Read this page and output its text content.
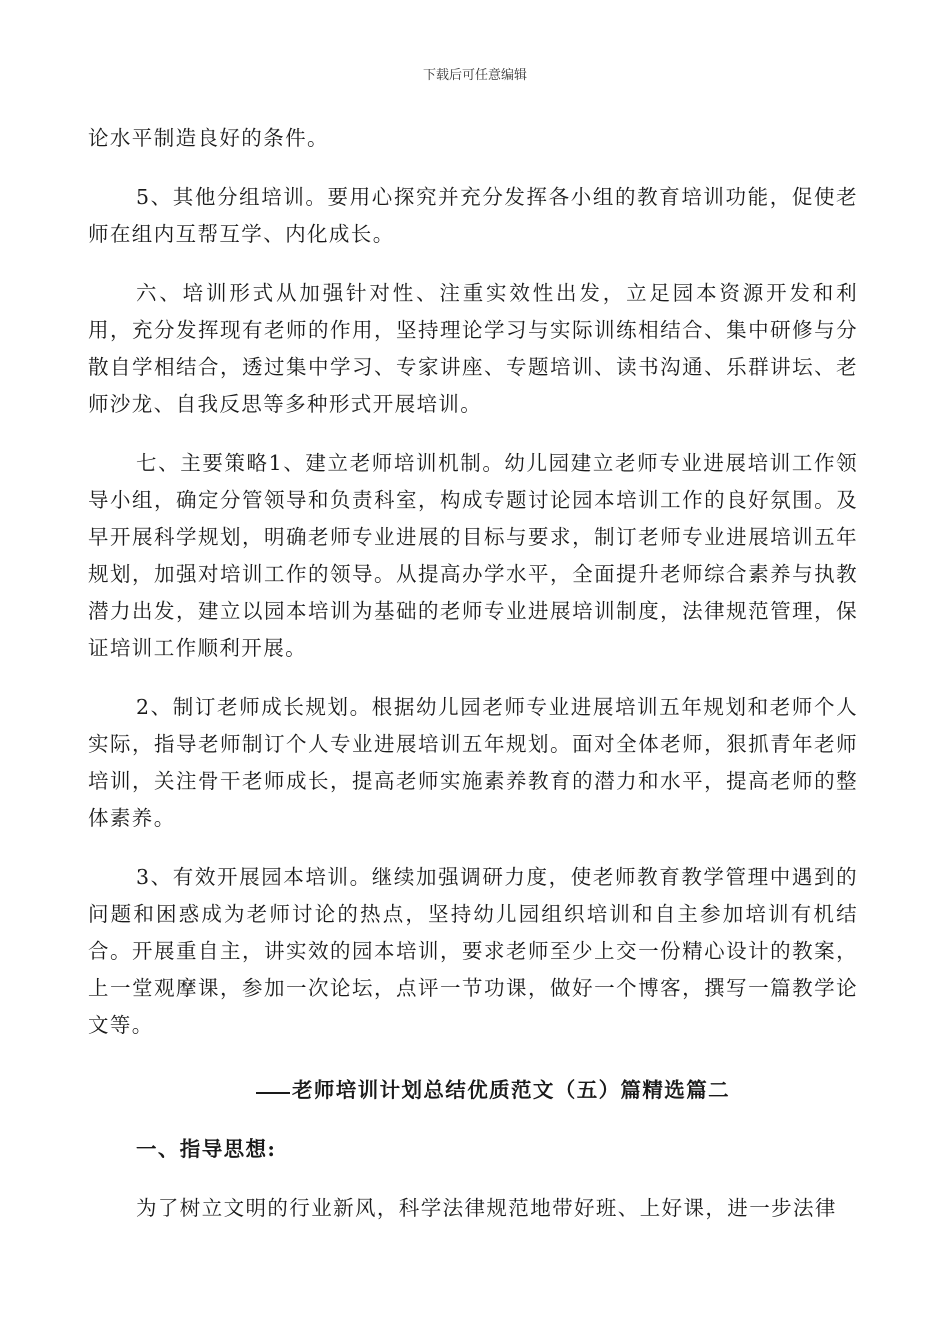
下载后可任意编辑

论水平制造良好的条件。

5、其他分组培训。要用心探究并充分发挥各小组的教育培训功能，促使老师在组内互帮互学、内化成长。

六、培训形式从加强针对性、注重实效性出发，立足园本资源开发和利用，充分发挥现有老师的作用，坚持理论学习与实际训练相结合、集中研修与分散自学相结合，透过集中学习、专家讲座、专题培训、读书沟通、乐群讲坛、老师沙龙、自我反思等多种形式开展培训。

七、主要策略1、建立老师培训机制。幼儿园建立老师专业进展培训工作领导小组，确定分管领导和负责科室，构成专题讨论园本培训工作的良好氛围。及早开展科学规划，明确老师专业进展的目标与要求，制订老师专业进展培训五年规划，加强对培训工作的领导。从提高办学水平，全面提升老师综合素养与执教潜力出发，建立以园本培训为基础的老师专业进展培训制度，法律规范管理，保证培训工作顺利开展。

2、制订老师成长规划。根据幼儿园老师专业进展培训五年规划和老师个人实际，指导老师制订个人专业进展培训五年规划。面对全体老师，狠抓青年老师培训，关注骨干老师成长，提高老师实施素养教育的潜力和水平，提高老师的整体素养。

3、有效开展园本培训。继续加强调研力度，使老师教育教学管理中遇到的问题和困惑成为老师讨论的热点，坚持幼儿园组织培训和自主参加培训有机结合。开展重自主，讲实效的园本培训，要求老师至少上交一份精心设计的教案，上一堂观摩课，参加一次论坛，点评一节功课，做好一个博客，撰写一篇教学论文等。

老师培训计划总结优质范文（五）篇精选篇二
一、指导思想:

为了树立文明的行业新风，科学法律规范地带好班、上好课，进一步法律
